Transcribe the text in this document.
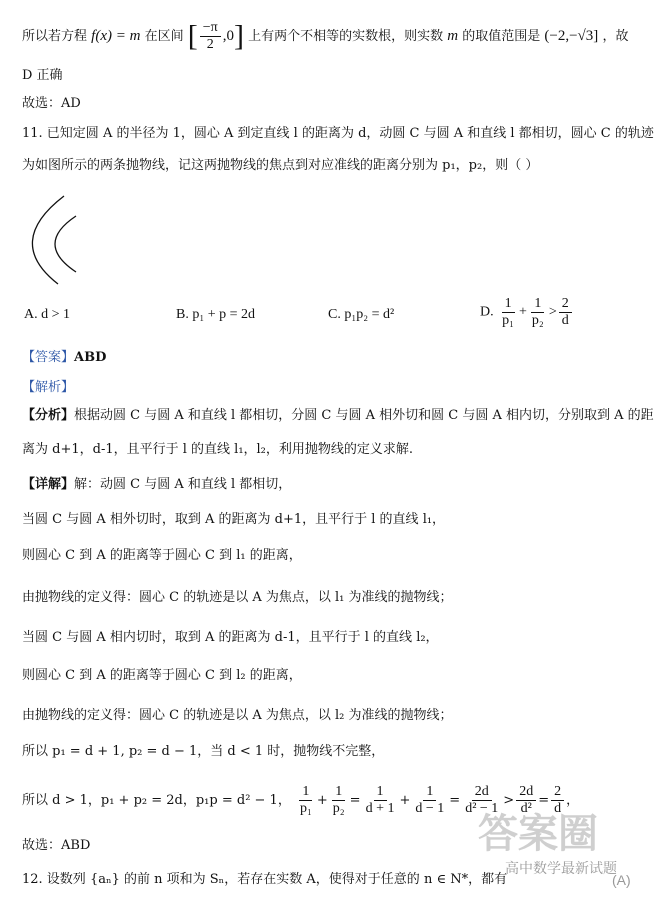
所以若方程 f(x) = m 在区间 [ $\frac{-\pi}{2} ,0$] 上有两个不相等的实数根，则实数 m 的取值范围是 (−2,−√3] ，故
D 正确
故选：AD
11. 已知定圆 A 的半径为 1，圆心 A 到定直线 l 的距离为 d，动圆 C 与圆 A 和直线 l 都相切，圆心 C 的轨迹
为如图所示的两条抛物线，记这两抛物线的焦点到对应准线的距离分别为 p₁，p₂，则（ ）
A. d > 1	B. p₁ + p = 2d	C. p₁p₂ = d²	D. $\frac{1}{\text{p₁}} + \frac{1}{\text{p₂}} > \frac{2}{d}$
【答案】ABD
【解析】
【分析】根据动圆 C 与圆 A 和直线 l 都相切，分圆 C 与圆 A 相外切和圆 C 与圆 A 相内切，分别取到 A 的距
离为 d+1，d-1，且平行于 l 的直线 l₁，l₂，利用抛物线的定义求解.
【详解】解：动圆 C 与圆 A 和直线 l 都相切，
当圆 C 与圆 A 相外切时，取到 A 的距离为 d+1，且平行于 l 的直线 l₁，
则圆心 C 到 A 的距离等于圆心 C 到 l₁ 的距离，
由抛物线的定义得：圆心 C 的轨迹是以 A 为焦点，以 l₁ 为准线的抛物线；
当圆 C 与圆 A 相内切时，取到 A 的距离为 d-1，且平行于 l 的直线 l₂，
则圆心 C 到 A 的距离等于圆心 C 到 l₂ 的距离，
由抛物线的定义得：圆心 C 的轨迹是以 A 为焦点，以 l₂ 为准线的抛物线；
所以 p₁ = d + 1, p₂ = d − 1，当 d < 1 时，抛物线不完整，
所以 d > 1，p₁ + p₂ = 2d，p₁p = d² − 1， $\frac{1}{\text{p₁}} + \frac{1}{\text{p₂}} = \frac{1}{d + 1} + \frac{1}{d - 1} = \frac{2d}{\text{d² − 1}} > \frac{2d}{\text{d²}} = \frac{2}{d}$ ，
故选：ABD
12. 设数列 {aₙ} 的前 n 项和为 Sₙ，若存在实数 A，使得对于任意的 n ∈ N*，都有
答案圈
高中数学最新试题
(A)
